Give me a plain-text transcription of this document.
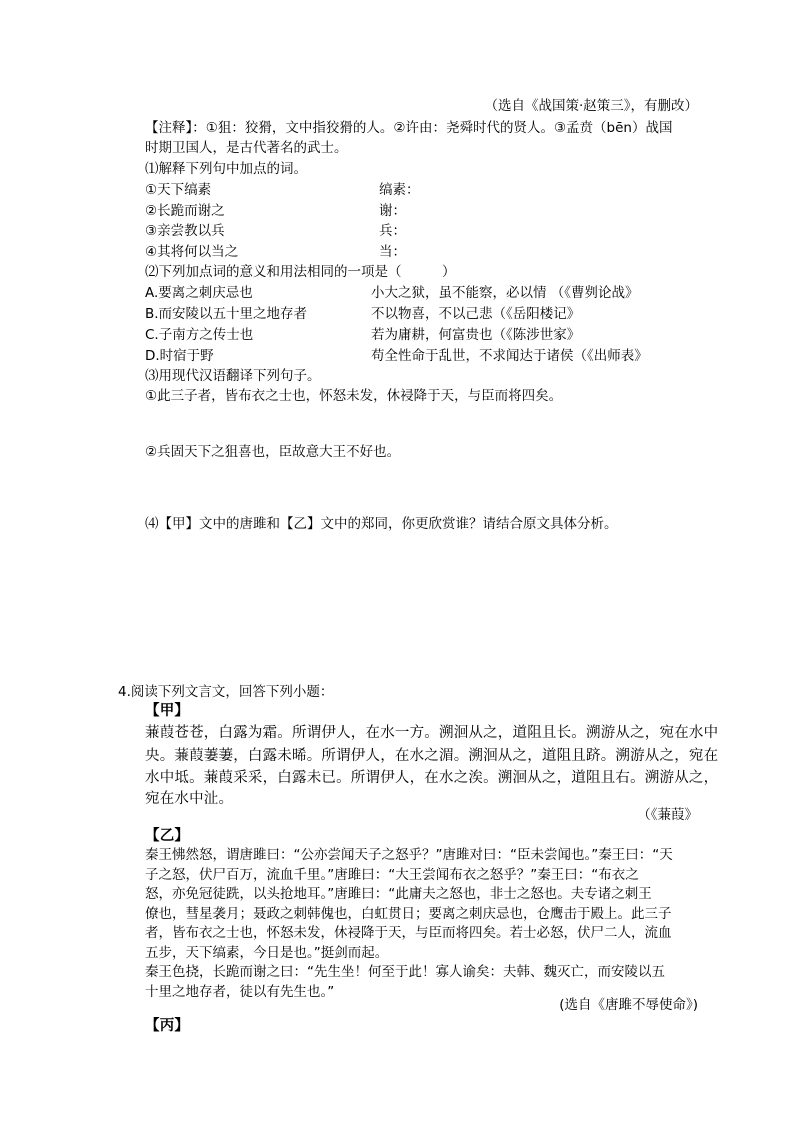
（选自《战国策·赵策三》，有删改）
【注释】：①狙：狡猾，文中指狡猾的人。②许由：尧舜时代的贤人。③孟贲（bēn）战国
时期卫国人，是古代著名的武士。
⑴解释下列句中加点的词。
①天下缟素	缟素：
②长跪而谢之	谢：
③亲尝教以兵	兵：
④其将何以当之	当：
⑵下列加点词的意义和用法相同的一项是（　　　）
A.要离之刺庆忌也	小大之狱，虽不能察，必以情 （《曹刿论战》
B.而安陵以五十里之地存者	不以物喜，不以己悲（《岳阳楼记》
C.子南方之传士也	若为庸耕，何富贵也（《陈涉世家》
D.时宿于野	苟全性命于乱世，不求闻达于诸侯（《出师表》
⑶用现代汉语翻译下列句子。
①此三子者，皆布衣之士也，怀怒未发，休祲降于天，与臣而将四矣。
②兵固天下之狙喜也，臣故意大王不好也。
⑷【甲】文中的唐雎和【乙】文中的郑同，你更欣赏谁？请结合原文具体分析。
4.阅读下列文言文，回答下列小题：
【甲】
蒹葭苍苍，白露为霜。所谓伊人，在水一方。溯洄从之，道阻且长。溯游从之，宛在水中
央。蒹葭萋萋，白露未晞。所谓伊人，在水之湄。溯洄从之，道阻且跻。溯游从之，宛在
水中坻。蒹葭采采，白露未已。所谓伊人，在水之涘。溯洄从之，道阻且右。溯游从之，
宛在水中沚。
（《蒹葭》
【乙】
秦王怫然怒，谓唐雎曰：“公亦尝闻天子之怒乎？”唐雎对曰：“臣未尝闻也。”秦王曰：“天
子之怒，伏尸百万，流血千里。”唐雎曰：“大王尝闻布衣之怒乎？”秦王曰：“布衣之
怒，亦免冠徒跣，以头抢地耳。”唐雎曰：“此庸夫之怒也，非士之怒也。夫专诸之刺王
僚也，彗星袭月；聂政之刺韩傀也，白虹贯日；要离之刺庆忌也，仓鹰击于殿上。此三子
者，皆布衣之士也，怀怒未发，休祲降于天，与臣而将四矣。若士必怒，伏尸二人，流血
五步，天下缟素，今日是也。”挺剑而起。
秦王色挠，长跪而谢之曰：“先生坐！何至于此！寡人谕矣：夫韩、魏灭亡，而安陵以五
十里之地存者，徒以有先生也。”
(选自《唐雎不辱使命》)
【丙】
